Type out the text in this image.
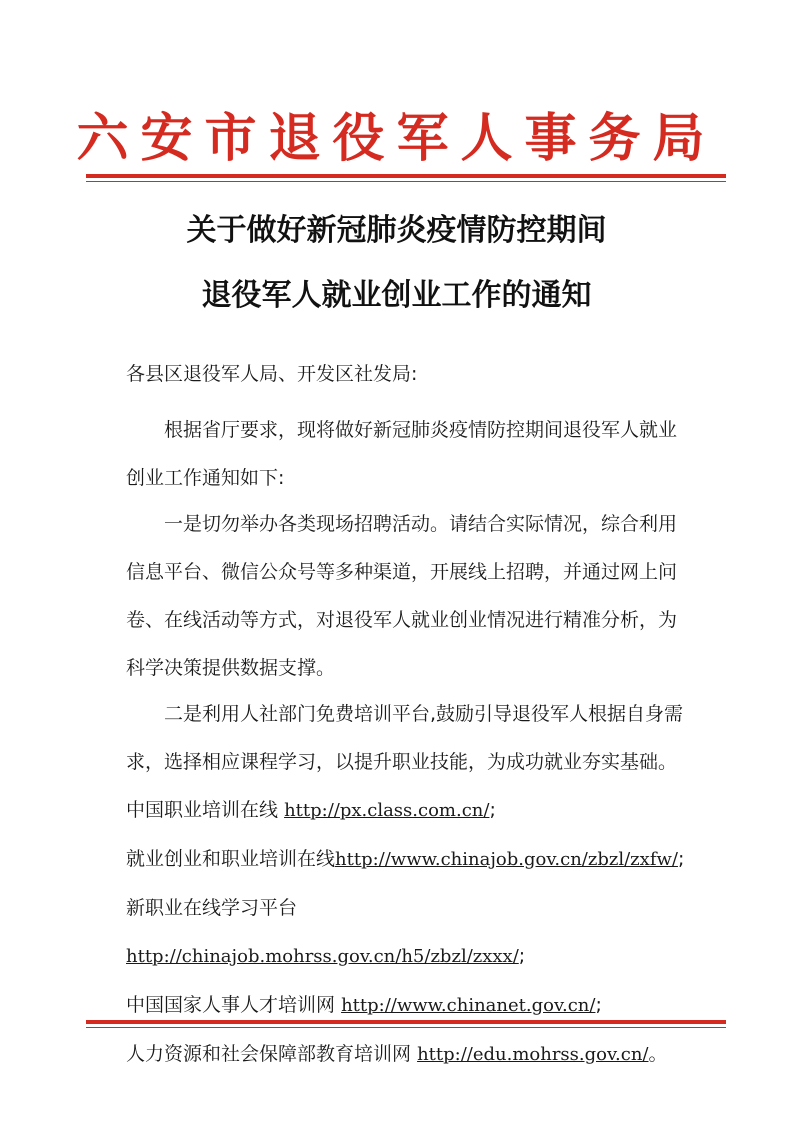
六安市退役军人事务局
关于做好新冠肺炎疫情防控期间
退役军人就业创业工作的通知
各县区退役军人局、开发区社发局:
根据省厅要求，现将做好新冠肺炎疫情防控期间退役军人就业创业工作通知如下:
一是切勿举办各类现场招聘活动。请结合实际情况，综合利用信息平台、微信公众号等多种渠道，开展线上招聘，并通过网上问卷、在线活动等方式，对退役军人就业创业情况进行精准分析，为科学决策提供数据支撑。
二是利用人社部门免费培训平台,鼓励引导退役军人根据自身需求，选择相应课程学习，以提升职业技能，为成功就业夯实基础。中国职业培训在线 http://px.class.com.cn/;
就业创业和职业培训在线http://www.chinajob.gov.cn/zbzl/zxfw/;
新职业在线学习平台 http://chinajob.mohrss.gov.cn/h5/zbzl/zxxx/;
中国国家人事人才培训网 http://www.chinanet.gov.cn/;
人力资源和社会保障部教育培训网 http://edu.mohrss.gov.cn/。
